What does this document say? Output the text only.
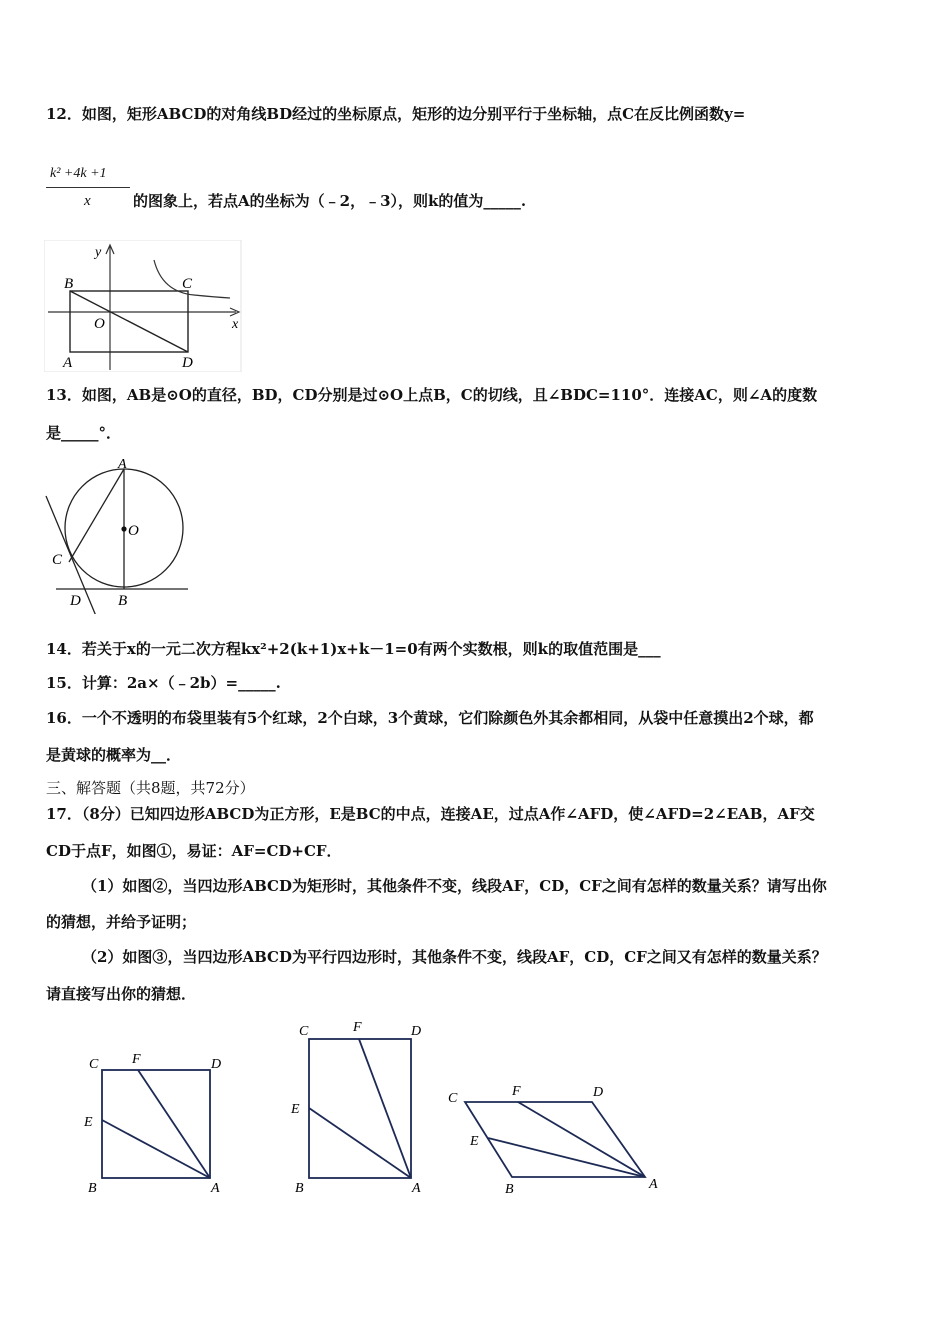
12．如图，矩形ABCD的对角线BD经过的坐标原点，矩形的边分别平行于坐标轴，点C在反比例函数y=
k² +4k +1
x	的图象上，若点A的坐标为（﹣2，﹣3），则k的值为_____.
y
x
B	C
O
A	D
13．如图，AB是⊙O的直径，BD，CD分别是过⊙O上点B，C的切线，且∠BDC=110°．连接AC，则∠A的度数
是_____°．
A
O
C
D B
14．若关于x的一元二次方程kx²+2(k+1)x+k－1=0有两个实数根，则k的取值范围是___
15．计算：2a×（﹣2b）=_____.
16．一个不透明的布袋里装有5个红球，2个白球，3个黄球，它们除颜色外其余都相同，从袋中任意摸出2个球，都
是黄球的概率为__．
三、解答题（共8题，共72分）
17．（8分）已知四边形ABCD为正方形，E是BC的中点，连接AE，过点A作∠AFD，使∠AFD=2∠EAB，AF交
CD于点F，如图①，易证：AF=CD+CF．
（1）如图②，当四边形ABCD为矩形时，其他条件不变，线段AF，CD，CF之间有怎样的数量关系？请写出你
的猜想，并给予证明；
（2）如图③，当四边形ABCD为平行四边形时，其他条件不变，线段AF，CD，CF之间又有怎样的数量关系？
请直接写出你的猜想．
C F	D
E
B	A
C	F	D
E
B	A
C	F	D
E
B	A
